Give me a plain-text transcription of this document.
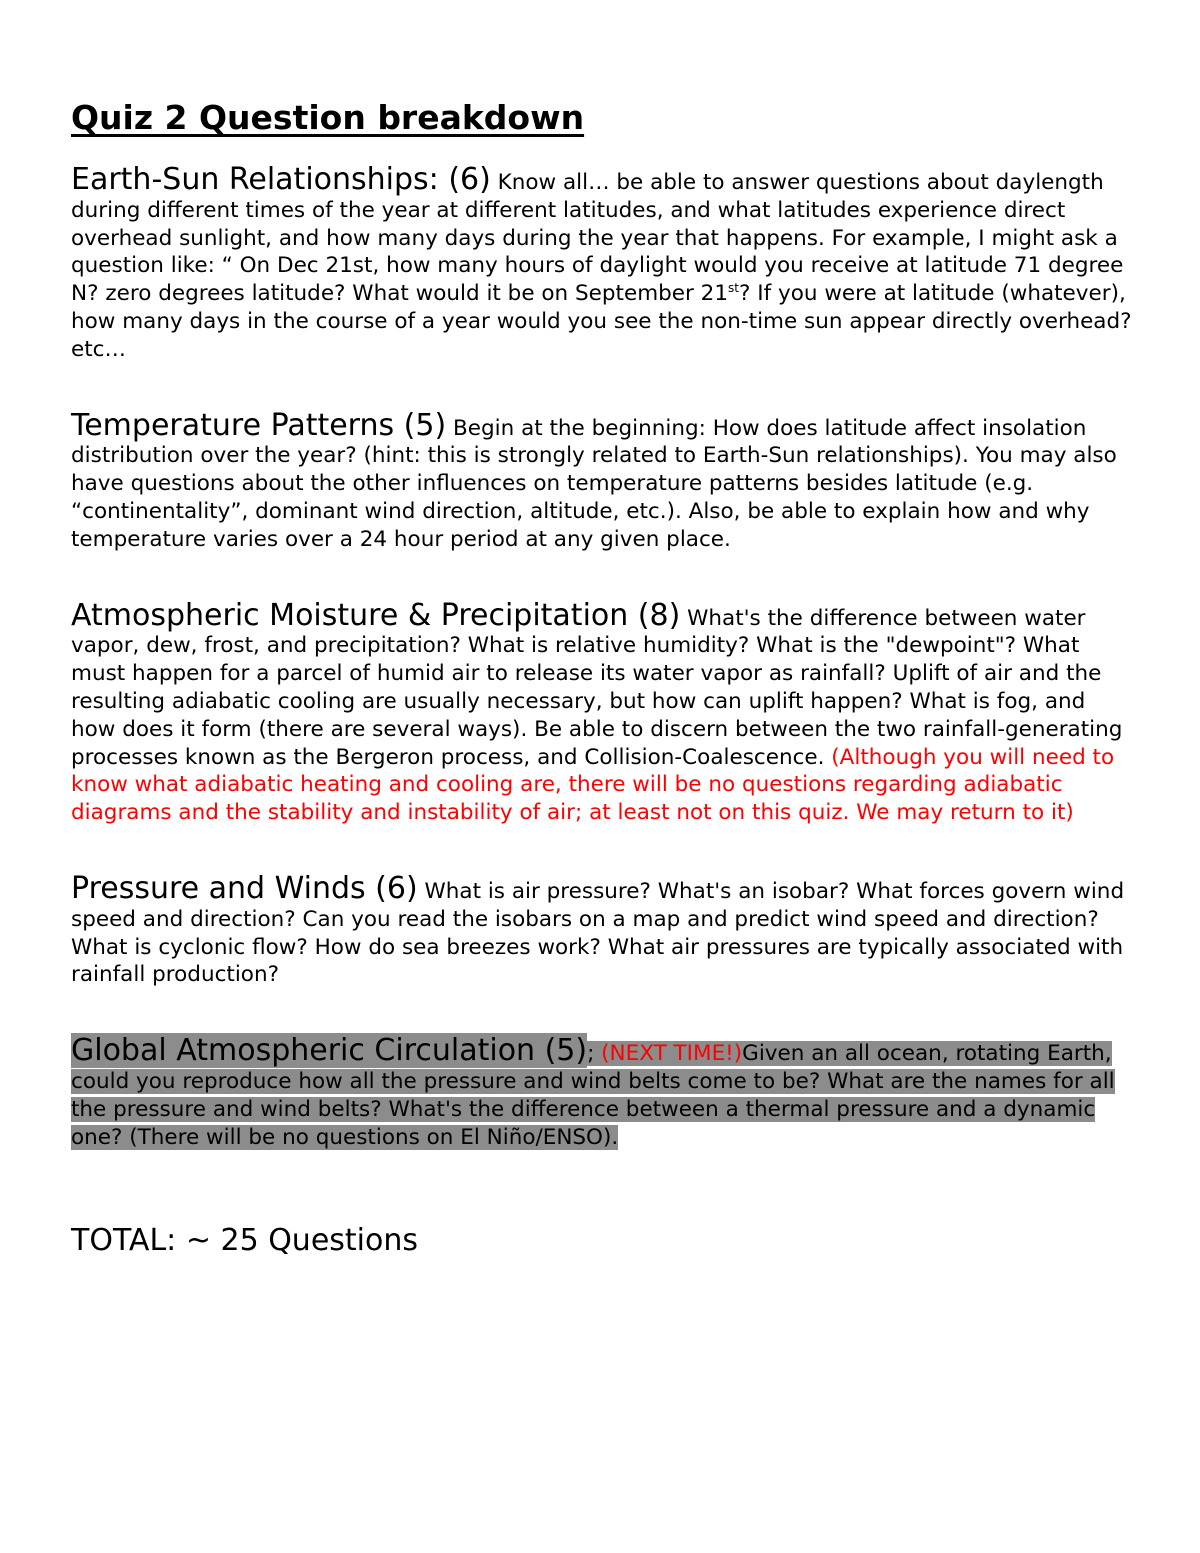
Quiz 2 Question breakdown

Earth-Sun Relationships: (6) Know all… be able to answer questions about daylength during different times of the year at different latitudes, and what latitudes experience direct overhead sunlight, and how many days during the year that happens. For example, I might ask a question like: “ On Dec 21st, how many hours of daylight would you receive at latitude 71 degree N? zero degrees latitude? What would it be on September 21st? If you were at latitude (whatever), how many days in the course of a year would you see the non-time sun appear directly overhead? etc…

Temperature Patterns (5) Begin at the beginning: How does latitude affect insolation distribution over the year? (hint: this is strongly related to Earth-Sun relationships). You may also have questions about the other influences on temperature patterns besides latitude (e.g. “continentality”, dominant wind direction, altitude, etc.). Also, be able to explain how and why temperature varies over a 24 hour period at any given place.

Atmospheric Moisture & Precipitation (8) What's the difference between water vapor, dew, frost, and precipitation? What is relative humidity? What is the "dewpoint"? What must happen for a parcel of humid air to release its water vapor as rainfall? Uplift of air and the resulting adiabatic cooling are usually necessary, but how can uplift happen? What is fog, and how does it form (there are several ways). Be able to discern between the two rainfall-generating processes known as the Bergeron process, and Collision-Coalescence. (Although you will need to know what adiabatic heating and cooling are, there will be no questions regarding adiabatic diagrams and the stability and instability of air; at least not on this quiz. We may return to it)

Pressure and Winds (6) What is air pressure? What's an isobar? What forces govern wind speed and direction? Can you read the isobars on a map and predict wind speed and direction? What is cyclonic flow? How do sea breezes work? What air pressures are typically associated with rainfall production?

Global Atmospheric Circulation (5); (NEXT TIME!)Given an all ocean, rotating Earth, could you reproduce how all the pressure and wind belts come to be? What are the names for all the pressure and wind belts? What's the difference between a thermal pressure and a dynamic one? (There will be no questions on El Niño/ENSO).

TOTAL: ~ 25 Questions
